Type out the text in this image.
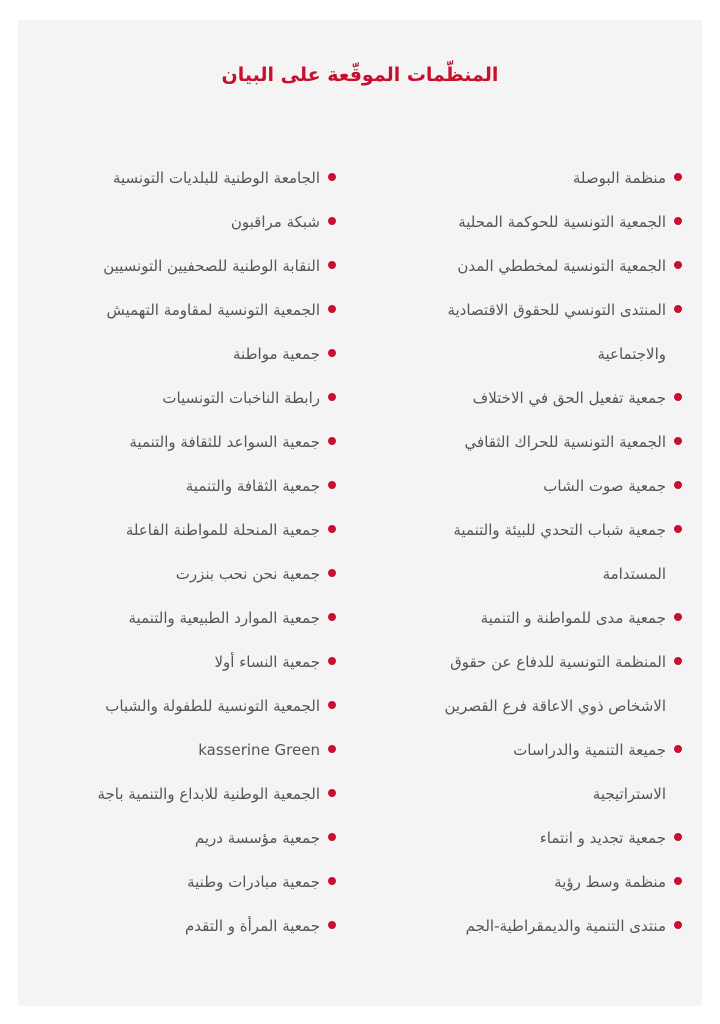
المنظّمات الموقّعة على البيان
منظمة البوصلة
الجمعية التونسية للحوكمة المحلية
الجمعية التونسية لمخططي المدن
المنتدى التونسي للحقوق الاقتصادية
والاجتماعية
جمعية تفعيل الحق في الاختلاف
الجمعية التونسية للحراك الثقافي
جمعية صوت الشاب
جمعية شباب التحدي للبيئة والتنمية
المستدامة
جمعية مدى للمواطنة و التنمية
المنظمة التونسية للدفاع عن حقوق
الاشخاص ذوي الاعاقة فرع القصرين
جميعة التنمية والدراسات
الاستراتيجية
جمعية تجديد و انتماء
منظمة وسط رؤية
منتدى التنمية والديمقراطية-الجم
الجامعة الوطنية للبلديات التونسية
شبكة مراقبون
النقابة الوطنية للصحفيين التونسيين
الجمعية التونسية لمقاومة التهميش
جمعية مواطنة
رابطة الناخبات التونسيات
جمعية السواعد للثقافة والتنمية
جمعية الثقافة والتنمية
جمعية المنحلة للمواطنة الفاعلة
جمعية نحن نحب بنزرت
جمعية الموارد الطبيعية والتنمية
جمعية النساء أولا
الجمعية التونسية للطفولة والشباب
kasserine Green
الجمعية الوطنية للابداع والتنمية باجة
جمعية مؤسسة دريم
جمعية مبادرات وطنية
جمعية المرأة و التقدم
